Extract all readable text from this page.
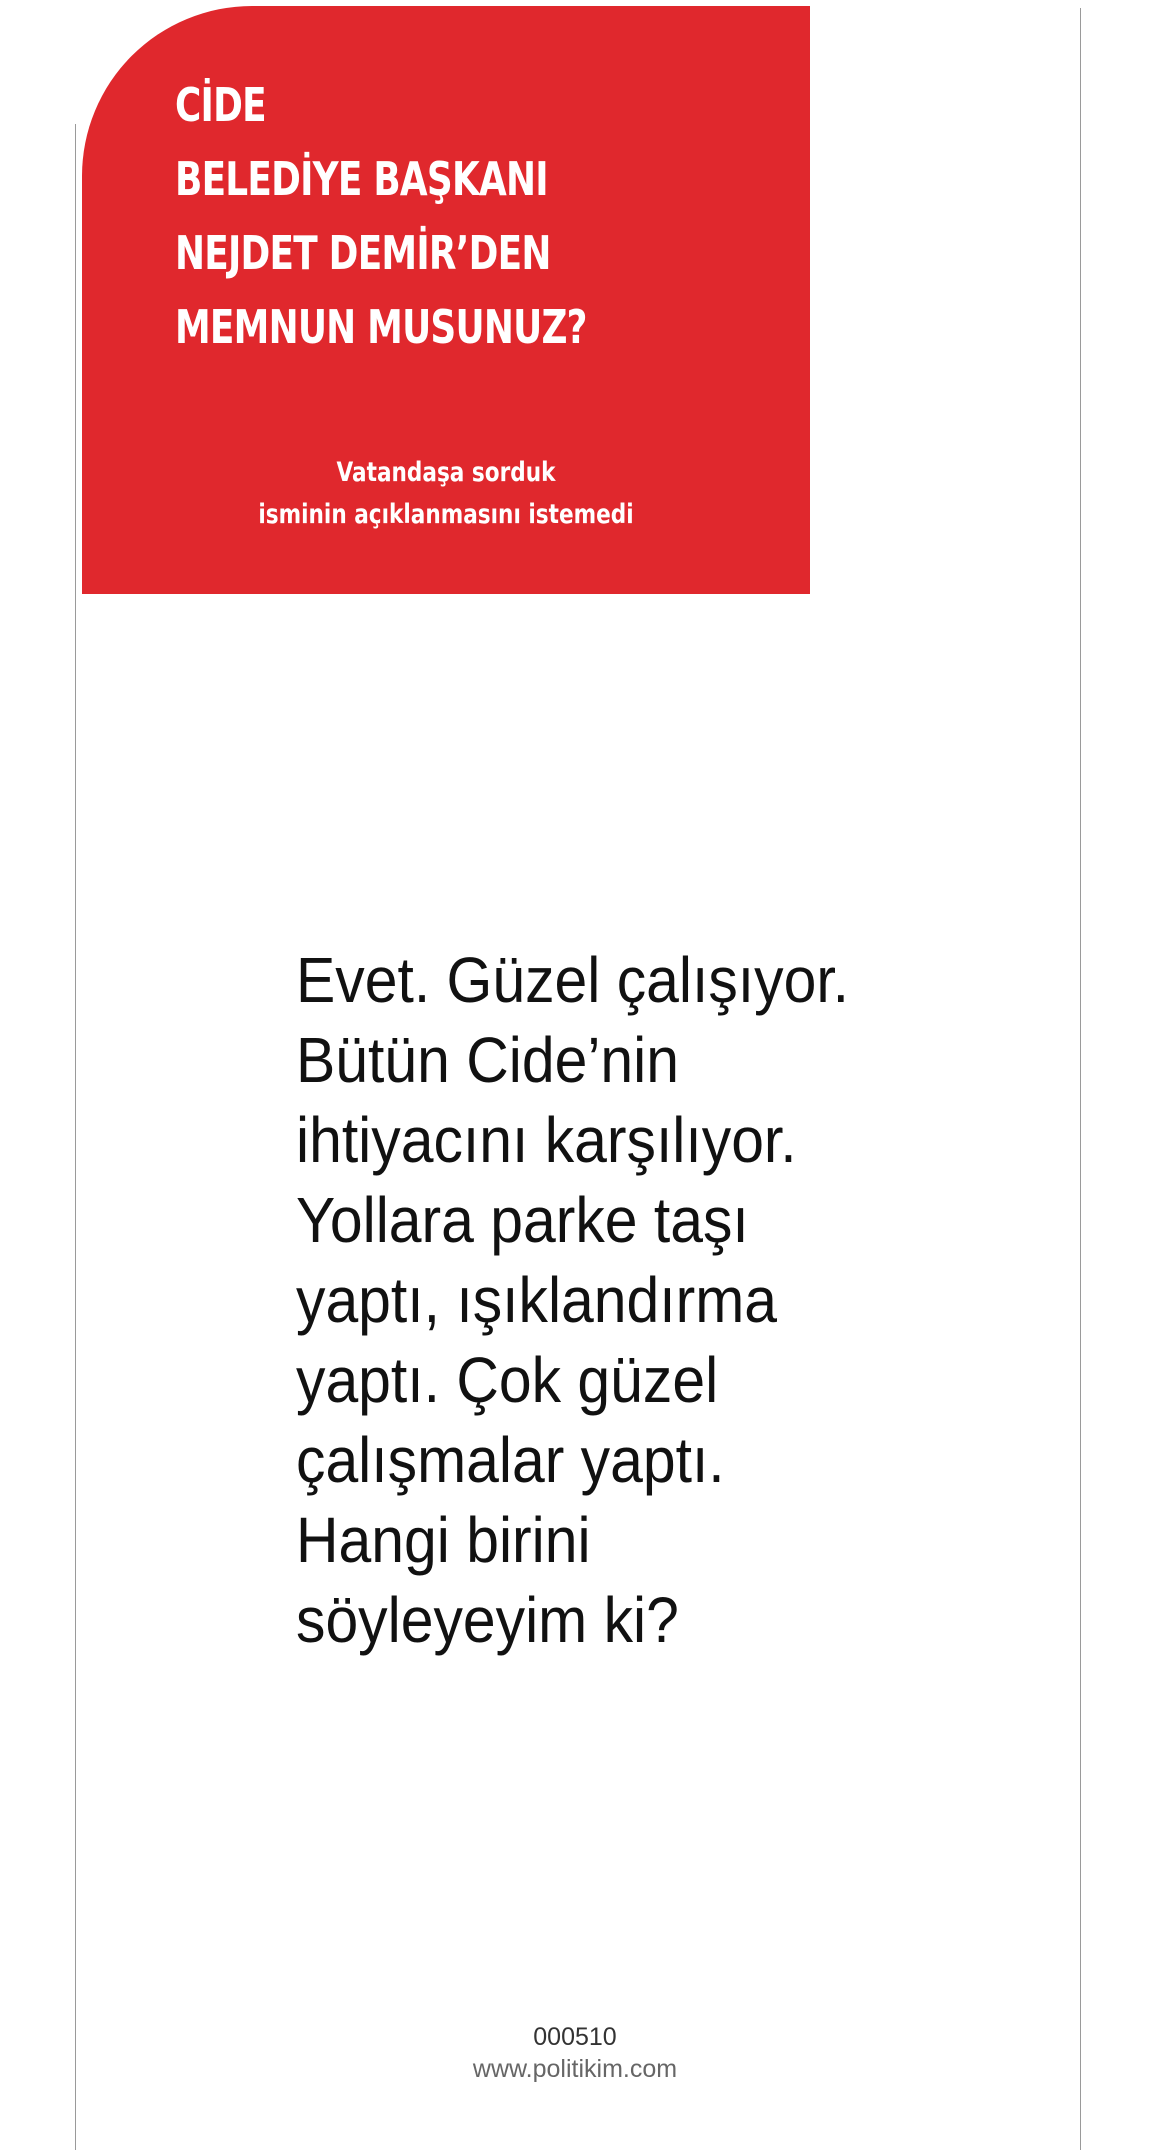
CİDE
BELEDİYE BAŞKANI
NEJDET DEMİR’DEN
MEMNUN MUSUNUZ?
Vatandaşa sorduk
isminin açıklanmasını istemedi

Evet. Güzel çalışıyor.
Bütün Cide’nin
ihtiyacını karşılıyor.
Yollara parke taşı
yaptı, ışıklandırma
yaptı. Çok güzel
çalışmalar yaptı.
Hangi birini
söyleyeyim ki?

000510
www.politikim.com
